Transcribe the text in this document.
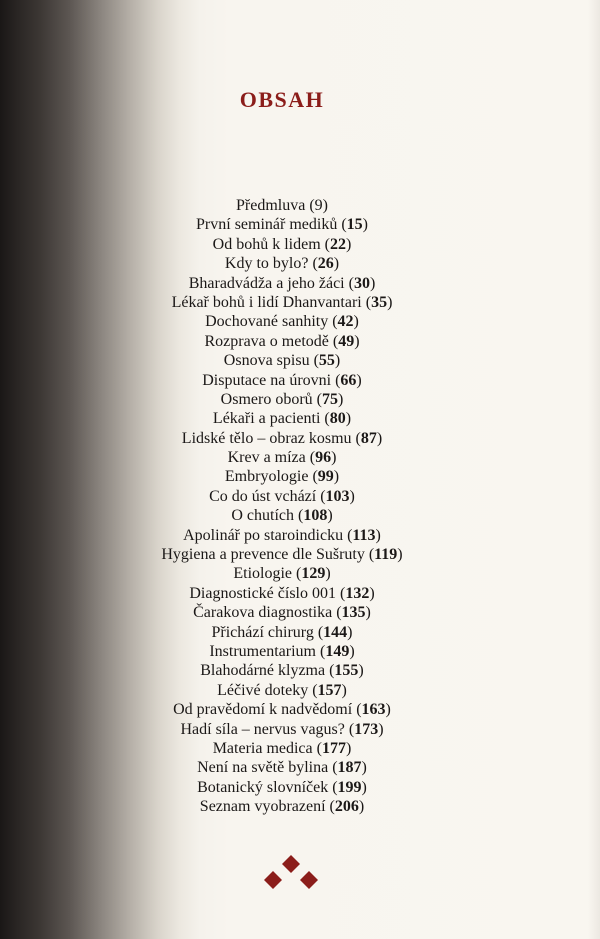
OBSAH
Předmluva (9)
První seminář mediků (15)
Od bohů k lidem (22)
Kdy to bylo? (26)
Bharadvádža a jeho žáci (30)
Lékař bohů i lidí Dhanvantari (35)
Dochované sanhity (42)
Rozprava o metodě (49)
Osnova spisu (55)
Disputace na úrovni (66)
Osmero oborů (75)
Lékaři a pacienti (80)
Lidské tělo – obraz kosmu (87)
Krev a míza (96)
Embryologie (99)
Co do úst vchází (103)
O chutích (108)
Apolinář po staroindicku (113)
Hygiena a prevence dle Sušruty (119)
Etiologie (129)
Diagnostické číslo 001 (132)
Čarakova diagnostika (135)
Přichází chirurg (144)
Instrumentarium (149)
Blahodárné klyzma (155)
Léčivé doteky (157)
Od pravědomí k nadvědomí (163)
Hadí síla – nervus vagus? (173)
Materia medica (177)
Není na světě bylina (187)
Botanický slovníček (199)
Seznam vyobrazení (206)
